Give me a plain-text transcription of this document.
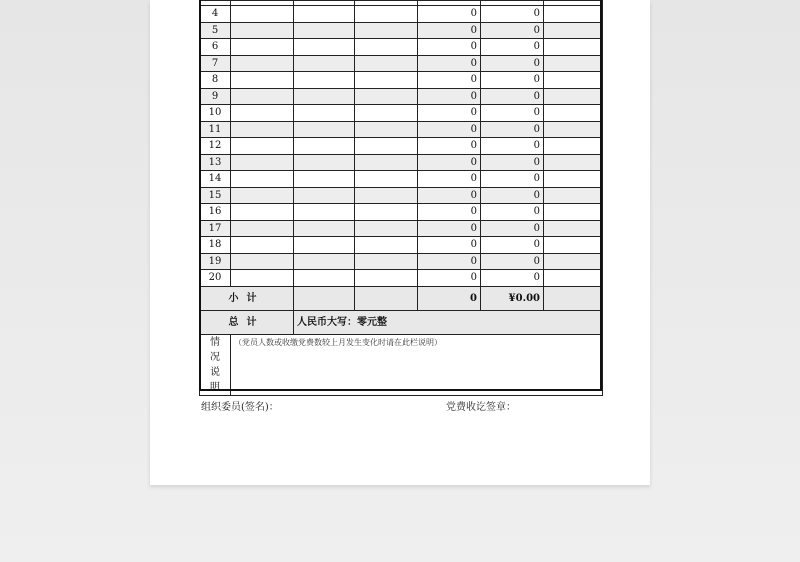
4				0	0	
5				0	0	
6				0	0	
7				0	0	
8				0	0	
9				0	0	
10				0	0	
11				0	0	
12				0	0	
13				0	0	
14				0	0	
15				0	0	
16				0	0	
17				0	0	
18				0	0	
19				0	0	
20				0	0	
小计				0	¥0.00	
总计		人民币大写：零元整				

情
况
说
明	（党员人数或收缴党费数较上月发生变化时请在此栏说明）					
组织委员(签名)：	党费收讫签章：
